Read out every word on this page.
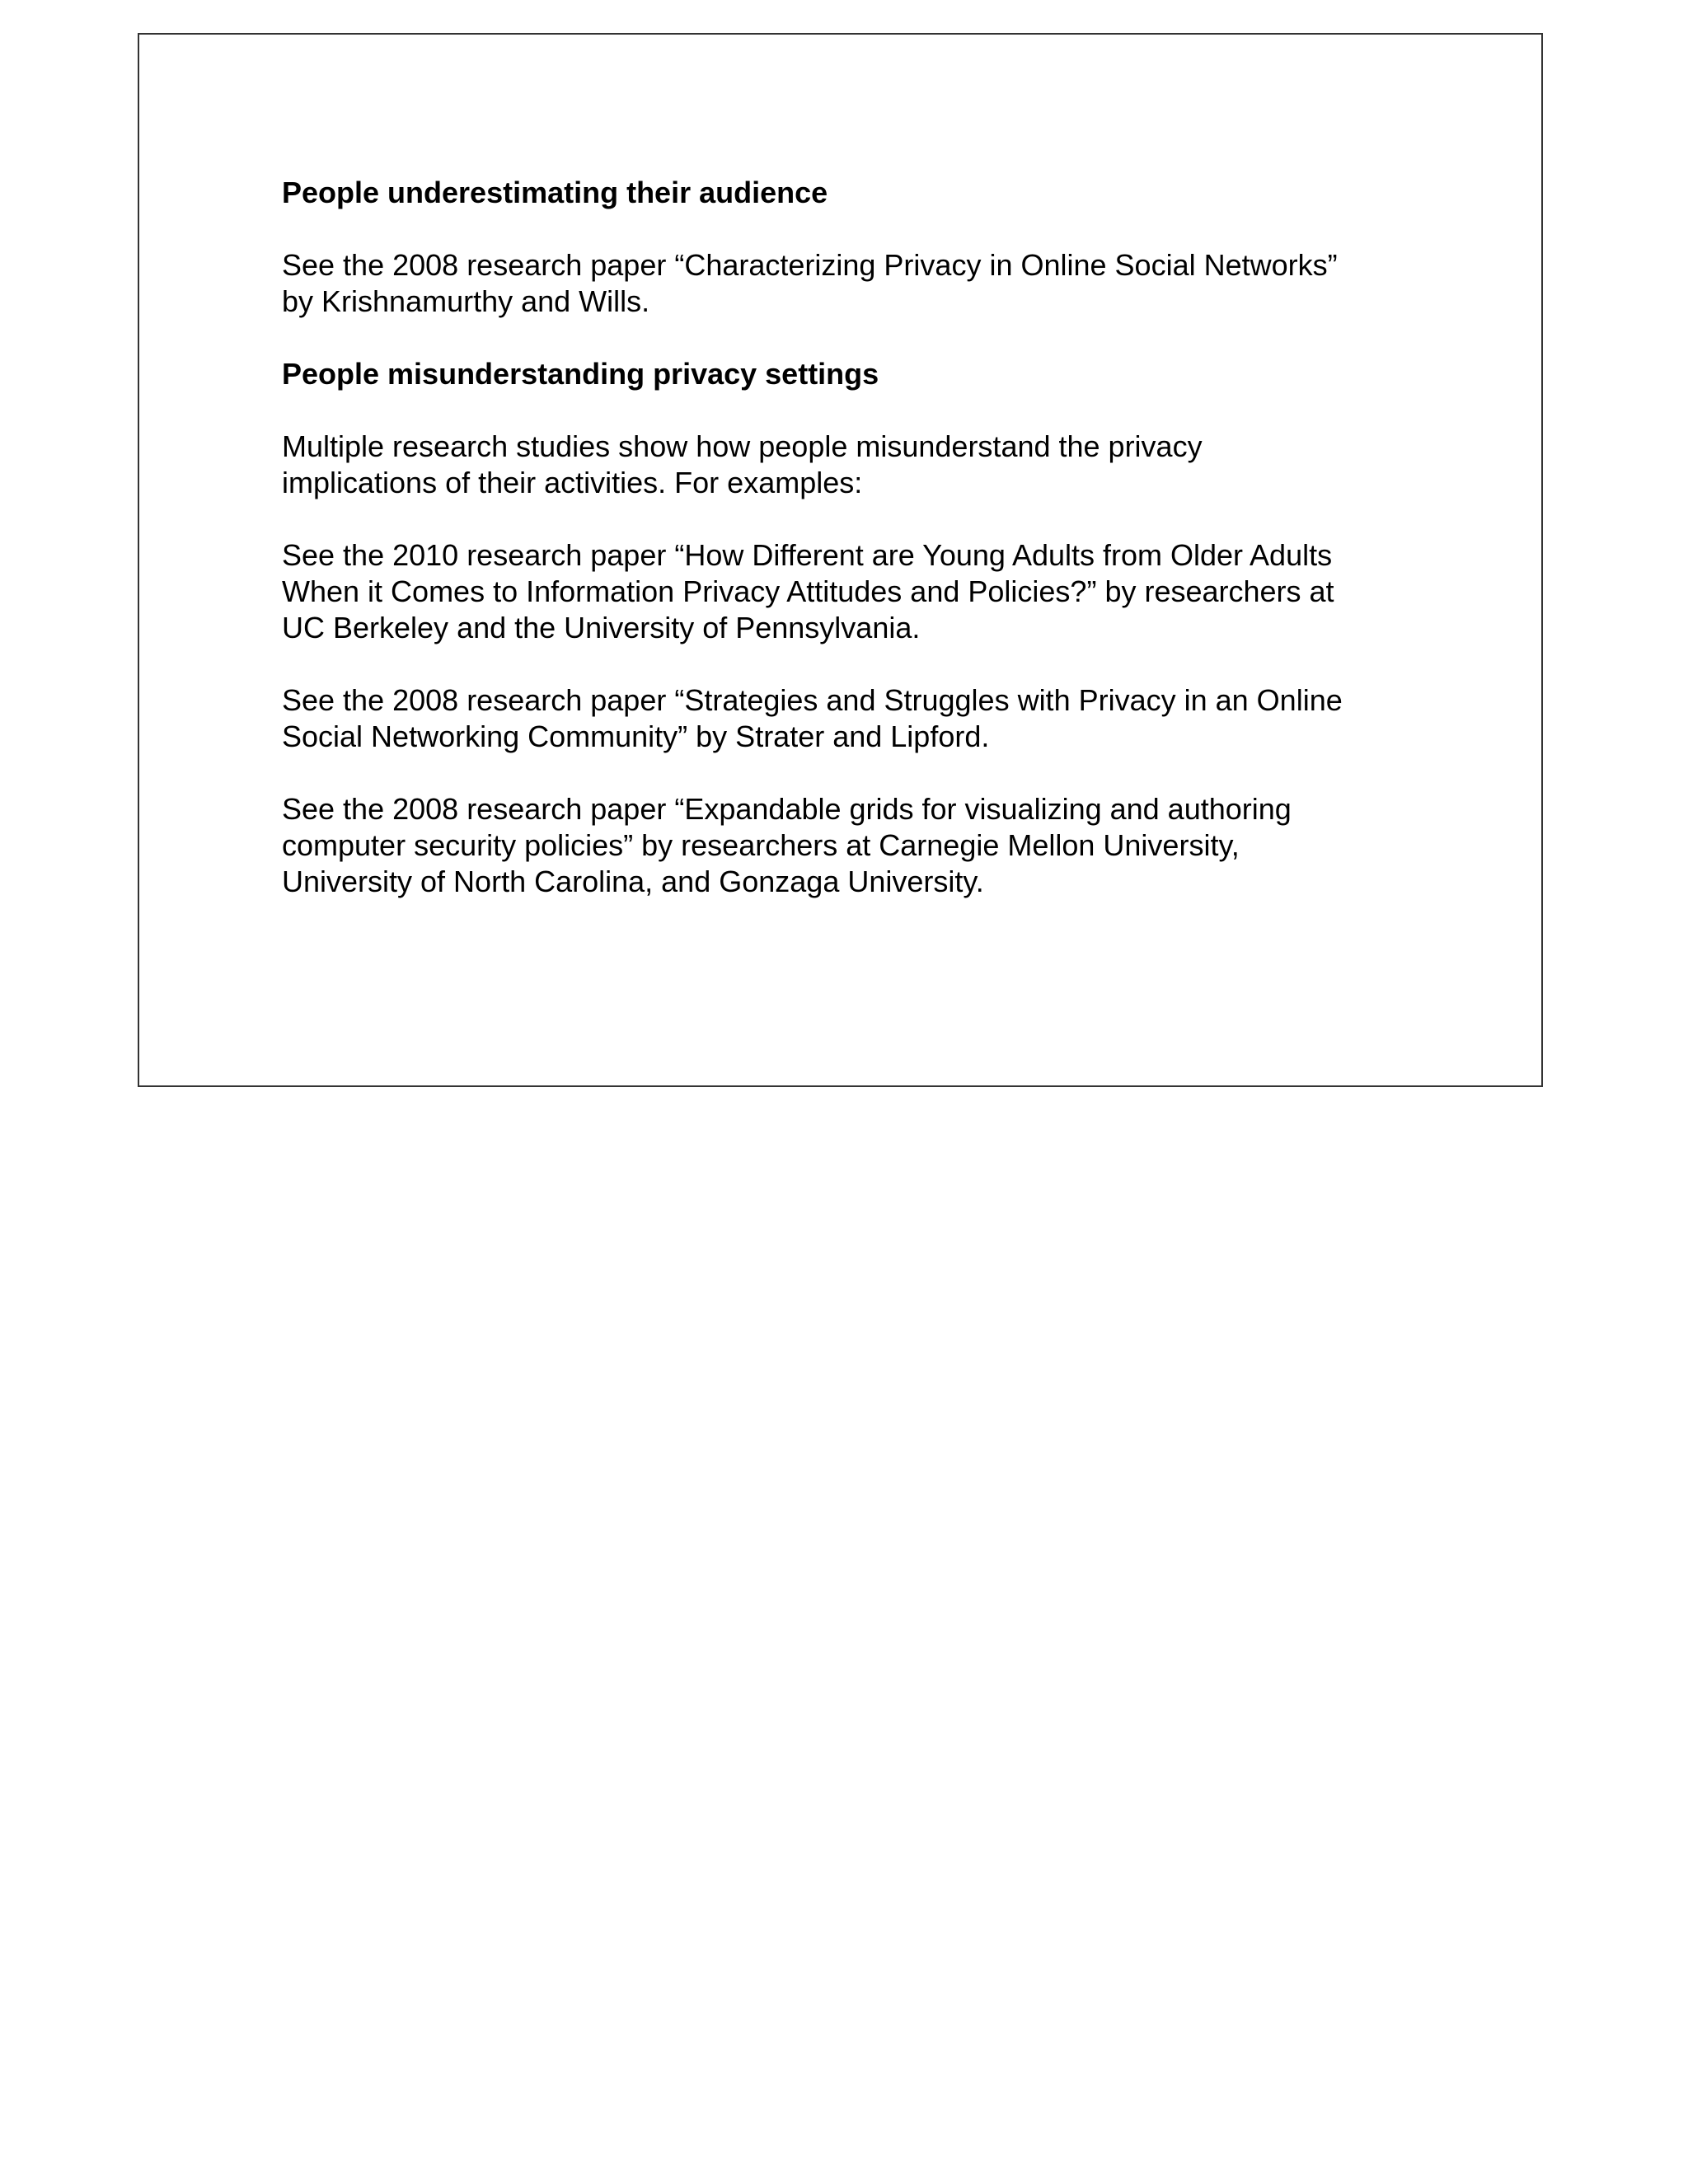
People underestimating their audience

See the 2008 research paper “Characterizing Privacy in Online Social Networks”
by Krishnamurthy and Wills.

People misunderstanding privacy settings

Multiple research studies show how people misunderstand the privacy
implications of their activities. For examples:

See the 2010 research paper “How Different are Young Adults from Older Adults
When it Comes to Information Privacy Attitudes and Policies?” by researchers at
UC Berkeley and the University of Pennsylvania.

See the 2008 research paper “Strategies and Struggles with Privacy in an Online
Social Networking Community” by Strater and Lipford.

See the 2008 research paper “Expandable grids for visualizing and authoring
computer security policies” by researchers at Carnegie Mellon University,
University of North Carolina, and Gonzaga University.
